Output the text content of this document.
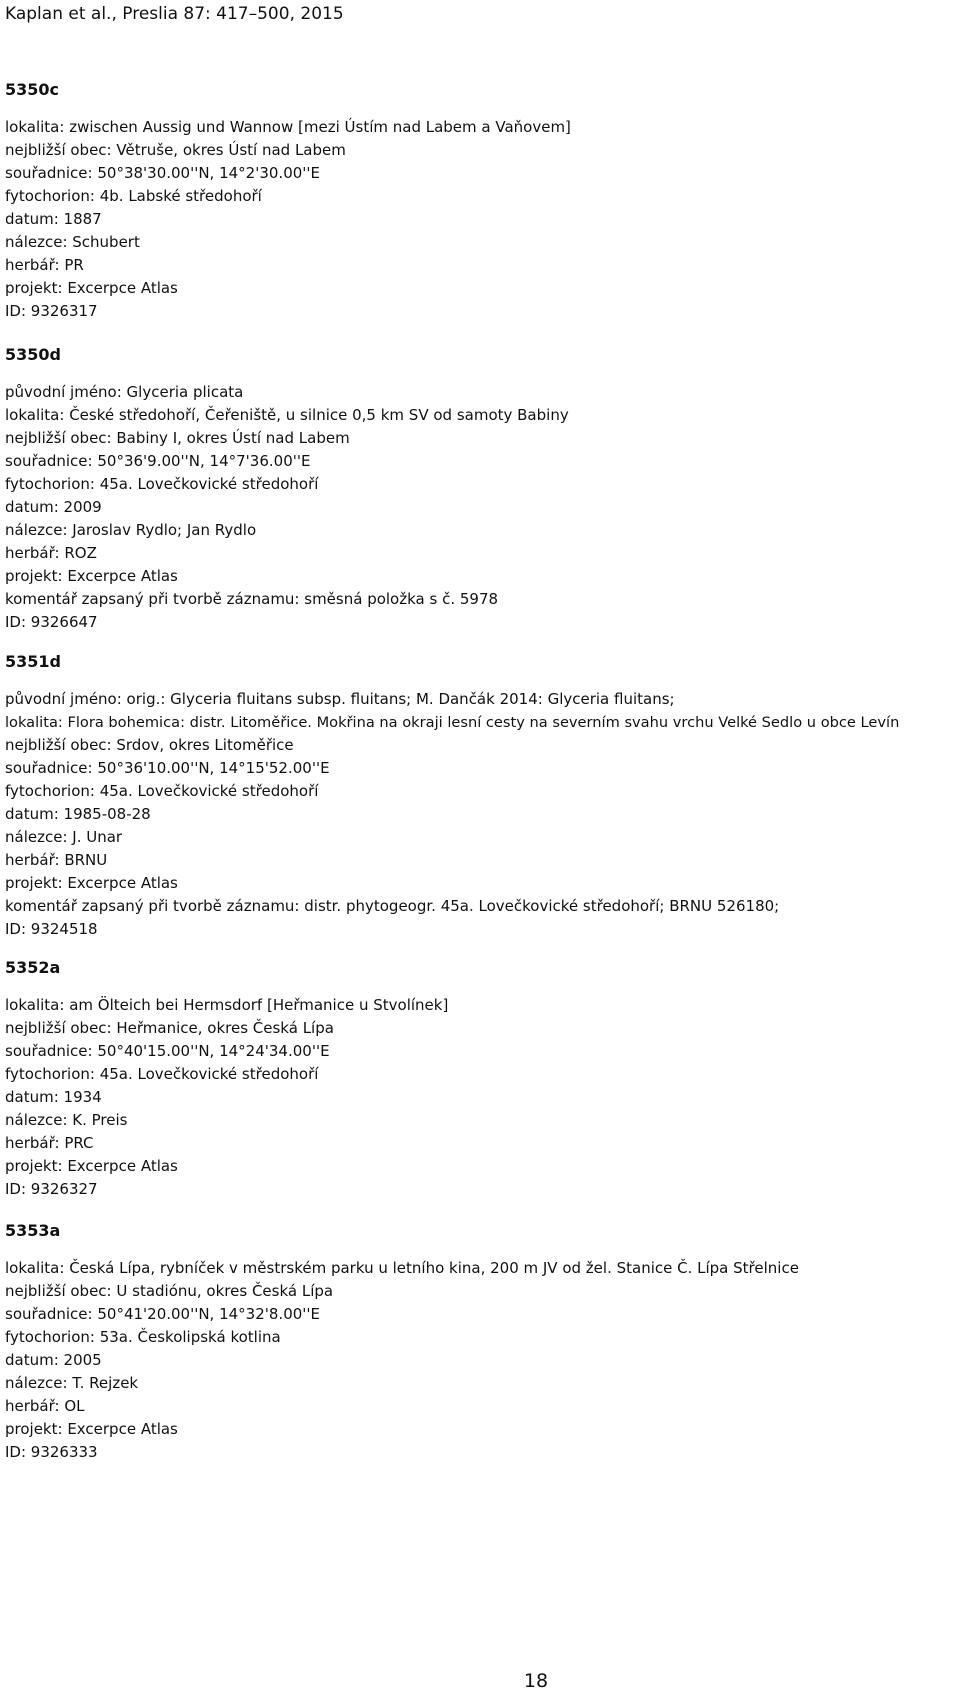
Kaplan et al., Preslia 87: 417–500, 2015
5350c
lokalita: zwischen Aussig und Wannow [mezi Ústím nad Labem a Vaňovem]
nejbližší obec: Větruše, okres Ústí nad Labem
souřadnice: 50°38'30.00''N, 14°2'30.00''E
fytochorion: 4b. Labské středohoří
datum: 1887
nálezce: Schubert
herbář: PR
projekt: Excerpce Atlas
ID: 9326317
5350d
původní jméno: Glyceria plicata
lokalita: České středohoří, Čeřeniště, u silnice 0,5 km SV od samoty Babiny
nejbližší obec: Babiny I, okres Ústí nad Labem
souřadnice: 50°36'9.00''N, 14°7'36.00''E
fytochorion: 45a. Lovečkovické středohoří
datum: 2009
nálezce: Jaroslav Rydlo; Jan Rydlo
herbář: ROZ
projekt: Excerpce Atlas
komentář zapsaný při tvorbě záznamu: směsná položka s č. 5978
ID: 9326647
5351d
původní jméno: orig.: Glyceria fluitans subsp. fluitans; M. Dančák 2014: Glyceria fluitans;
lokalita: Flora bohemica: distr. Litoměřice. Mokřina na okraji lesní cesty na severním svahu vrchu Velké Sedlo u obce Levín
nejbližší obec: Srdov, okres Litoměřice
souřadnice: 50°36'10.00''N, 14°15'52.00''E
fytochorion: 45a. Lovečkovické středohoří
datum: 1985-08-28
nálezce: J. Unar
herbář: BRNU
projekt: Excerpce Atlas
komentář zapsaný při tvorbě záznamu: distr. phytogeogr. 45a. Lovečkovické středohoří; BRNU 526180;
ID: 9324518
5352a
lokalita: am Ölteich bei Hermsdorf [Heřmanice u Stvolínek]
nejbližší obec: Heřmanice, okres Česká Lípa
souřadnice: 50°40'15.00''N, 14°24'34.00''E
fytochorion: 45a. Lovečkovické středohoří
datum: 1934
nálezce: K. Preis
herbář: PRC
projekt: Excerpce Atlas
ID: 9326327
5353a
lokalita: Česká Lípa, rybníček v městrském parku u letního kina, 200 m JV od žel. Stanice Č. Lípa Střelnice
nejbližší obec: U stadiónu, okres Česká Lípa
souřadnice: 50°41'20.00''N, 14°32'8.00''E
fytochorion: 53a. Českolipská kotlina
datum: 2005
nálezce: T. Rejzek
herbář: OL
projekt: Excerpce Atlas
ID: 9326333
18
